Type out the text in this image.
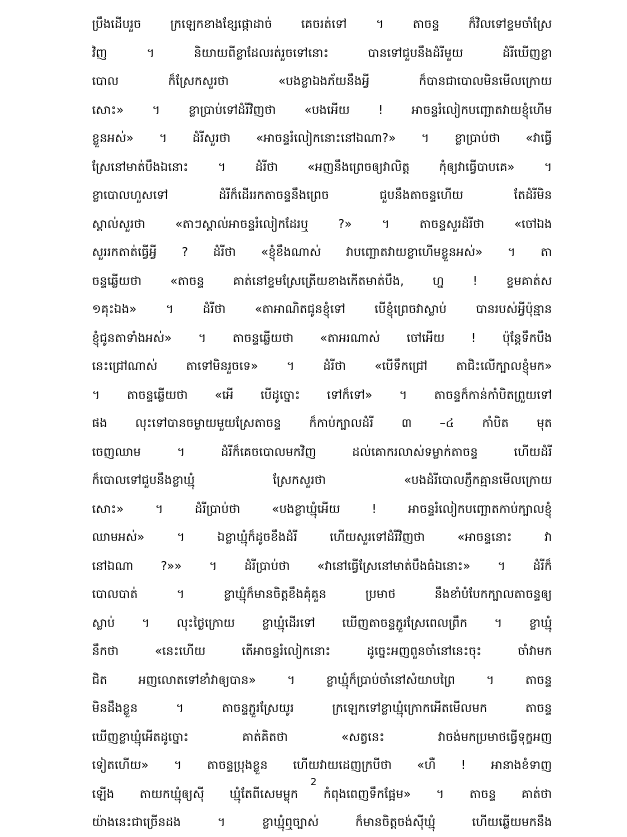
ប្រឹងដើបរួច ក្រឡេកខាងខ្សែផ្កោដាច់ គេចរត់ទៅ ។ តាចន្ទ ក៏វិលទៅខ្ទមចាំស្រែ
វិញ ។ និយាយពីខ្លាដែលរត់រួចទៅនោះ បានទៅជួបនឹងដំរីមួយ ដំរីឃើញខ្លា
បោល ក៏ស្រែកសួរថា «បងខ្លាឯងភ័យនឹងអ្វី ក៏បានជាបោលមិនមើលក្រោយ
សោះ» ។ ខ្លាប្រាប់ទៅដំរីវិញថា «បងអើយ ! អាចន្ទរំលៀកបញ្ឆោតវាយខ្ញុំហើម
ខ្លួនអស់» ។ ដំរីសួរថា «អាចន្ទរំលៀកនោះនៅឯណា?» ។ ខ្លាប្រាប់ថា «វាធ្វើ
ស្រែនៅមាត់បឹងឯនោះ ។ ដំរីថា «អញនឹងព្រេចឲ្យវាលិត្ត កុំឲ្យវាធ្វើបាបគេ» ។
ខ្លាបោលហួសទៅ ដំរីក៏ដើររកតាចន្ទនឹងព្រេច ជួបនឹងតាចន្ទហើយ តែដំរីមិន
ស្គាល់សួរថា «តាៗស្គាល់អាចន្ទរំលៀកដែរឬ ?» ។ តាចន្ទសួរដំរីថា «ចៅឯង
សួររកតាត់ធ្វើអ្វី ? ដំរីថា «ខ្ញុំខឹងណាស់ វាបញ្ឆោតវាយខ្លាហើមខ្លួនអស់» ។ តា
ចន្ទឆ្លើយថា «តាចន្ទ គាត់នៅខ្ទមស្រែត្រើយខាងកើតមាត់បឹង, ហ្ន ! ខ្ទមគាត់ស
១គុះឯង» ។ ដំរីថា «តាអាណិតជូនខ្ញុំទៅ បើខ្ញុំព្រេចវាស្លាប់ បានរបស់អ្វីប៉ុន្មាន
ខ្ញុំជូនតាទាំងអស់» ។ តាចន្ទឆ្លើយថា «តាអរណាស់ ចៅអើយ ! ប៉ុន្តែទឹកបឹង
នេះជ្រៅណាស់ តាទៅមិនរួចទេ» ។ ដំរីថា «បើទឹកជ្រៅ តាជិះលើក្បាលខ្ញុំមក»
។ តាចន្ទឆ្លើយថា «អើ បើដូច្នោះ ទៅក៏ទៅ» ។ តាចន្ទក៏កាន់កាំបិតព្រួយទៅ
ផង លុះទៅបានចម្ងាយមួយស្រែតាចន្ទ ក៏កាប់ក្បាលដំរី ៣ –៤ កាំបិត មុត
ចេញឈាម ។ ដំរីក៏គេចបោលមកវិញ ដល់គោករលាស់ទម្លាក់តាចន្ទ ហើយដំរី
ក៏បោលទៅជួបនឹងខ្លាឃ្មុំ ស្រែកសួរថា «បងដំរីបោលភ្ញឹកគ្មានមើលក្រោយ
សោះ» ។ ដំរីប្រាប់ថា «បងខ្លាឃ្មុំអើយ ! អាចន្ទរំលៀកបញ្ឆោតកាប់ក្បាលខ្ញុំ
ឈាមអស់» ។ ឯខ្លាឃ្មុំក៏ដូចខឹងដំរី ហើយសួរទៅដំរីវិញថា «អាចន្ទនោះ វា
នៅឯណា ?»» ។ ដំរីប្រាប់ថា «វានៅធ្វើស្រែនៅមាត់បឹងធំឯនោះ» ។ ដំរីក៏
បោលបាត់ ។ ខ្លាឃ្មុំក៏មានចិត្តខឹងគុំគួន ប្រមាថ នឹងខាំបំបែកក្បាលតាចន្ទឲ្យ
ស្លាប់ ។ លុះថ្ងៃក្រោយ ខ្លាឃ្មុំដើរទៅ ឃើញតាចន្ទភ្ជួរស្រែពេលព្រឹក ។ ខ្លាឃ្មុំ
នឹកថា «នេះហើយ តើអាចន្ទរំលៀកនោះ ដូច្នេះអញពួនចាំនៅនេះចុះ ចាំវាមក
ជិត អញលោតទៅខាំវាឲ្យបាន» ។ ខ្លាឃ្មុំក៏ប្រាប់ចាំនៅសំយាបព្រៃ ។ តាចន្ទ
មិនដឹងខ្លួន ។ តាចន្ទភ្ជួរស្រែយូរ ក្រឡេកទៅខ្លាឃ្មុំក្រោកអើតមើលមក តាចន្ទ
ឃើញខ្លាឃ្មុំអើតដូច្នោះ គាត់គិតថា «សត្វនេះ វាចង់មកប្រមាថធ្វើទុក្ខអញ
ទៀតហើយ» ។ តាចន្ទប្រុងខ្លួន ហើយវាយដេញក្របីថា «ហឺ ! អានាងខំទាញ
ឡើង តាយកឃ្មុំឲ្យស៊ី ឃ្មុំតែពីសេមម្លុក កំពុងពេញទឹកផ្អែម» ។ តាចន្ទ គាត់ថា
យ៉ាងនេះជាច្រើនដង ។ ខ្លាឃ្មុំឮច្បាស់ ក៏មានចិត្តចង់ស៊ីឃ្មុំ ហើយឆ្លើយមកនឹង
2
